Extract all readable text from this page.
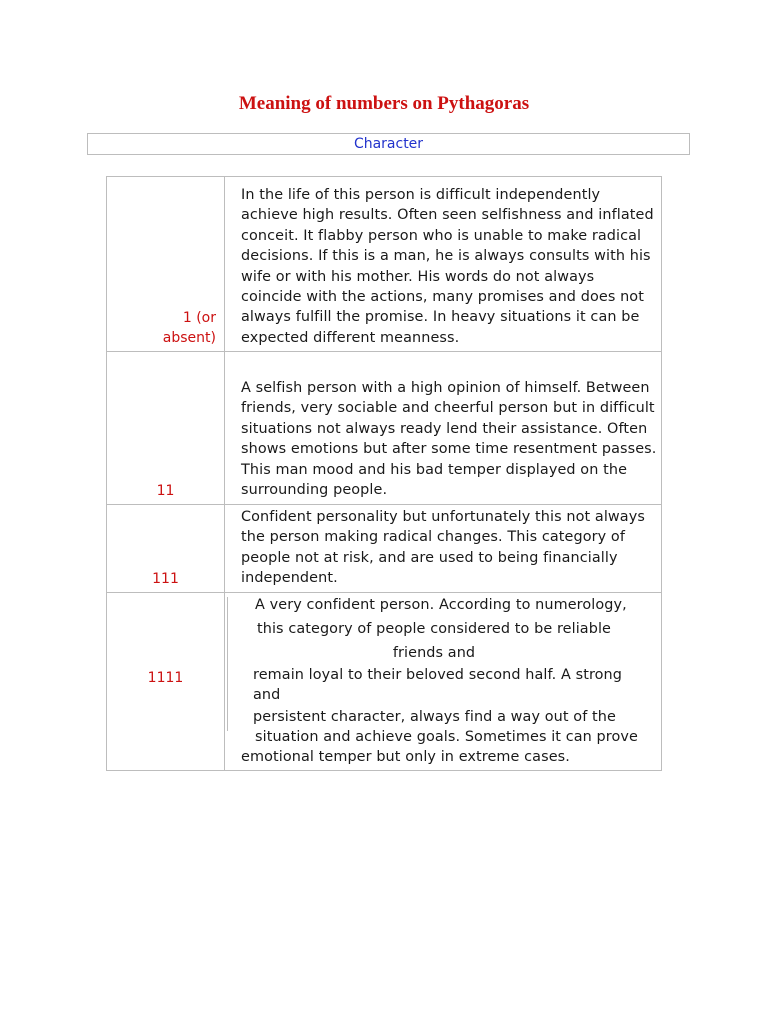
Meaning of numbers on Pythagoras
Character
1 (or absent)

In the life of this person is difficult independently achieve high results. Often seen selfishness and inflated conceit. It flabby person who is unable to make radical decisions. If this is a man, he is always consults with his wife or with his mother. His words do not always coincide with the actions, many promises and does not always fulfill the promise. In heavy situations it can be expected different meanness.

11

A selfish person with a high opinion of himself. Between friends, very sociable and cheerful person but in difficult situations not always ready lend their assistance. Often shows emotions but after some time resentment passes. This man mood and his bad temper displayed on the surrounding people.

111

Confident personality but unfortunately this not always the person making radical changes. This category of people not at risk, and are used to being financially independent.

1111
A very confident person. According to numerology,
this category of people considered to be reliable
friends and
remain loyal to their beloved second half. A strong
and
persistent character, always find a way out of the
situation and achieve goals. Sometimes it can prove
emotional temper but only in extreme cases.
